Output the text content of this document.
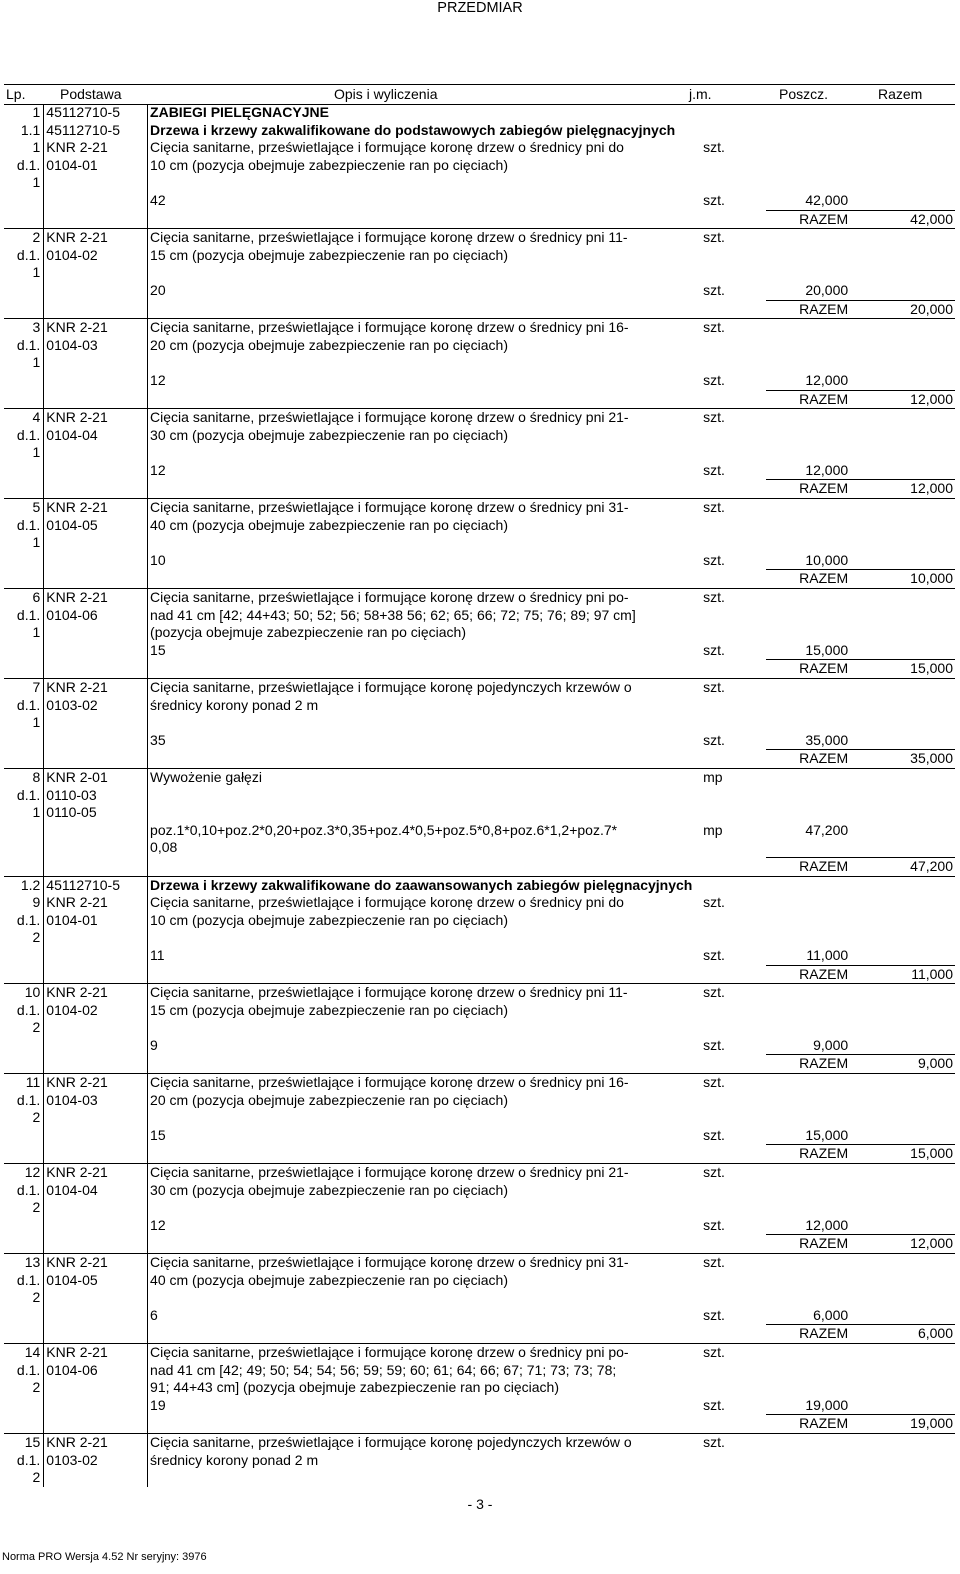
PRZEDMIAR
Lp. Podstawa	Opis i wyliczenia	j.m.	Poszcz.	Razem
1	45112710-5	ZABIEGI PIELĘGNACYJNE			
1.1	45112710-5	Drzewa i krzewy zakwalifikowane do podstawowych zabiegów pielęgnacyjnych			
1	KNR 2-21	Cięcia sanitarne, prześwietlające i formujące koronę drzew o średnicy pni do	szt.		
d.1.	0104-01	10 cm (pozycja obejmuje zabezpieczenie ran po cięciach)			
1					
		42	szt.	42,000	
				RAZEM	42,000
2	KNR 2-21	Cięcia sanitarne, prześwietlające i formujące koronę drzew o średnicy pni 11-	szt.		
d.1.	0104-02	15 cm (pozycja obejmuje zabezpieczenie ran po cięciach)			
1					
		20	szt.	20,000	
				RAZEM	20,000
3	KNR 2-21	Cięcia sanitarne, prześwietlające i formujące koronę drzew o średnicy pni 16-	szt.		
d.1.	0104-03	20 cm (pozycja obejmuje zabezpieczenie ran po cięciach)			
1					
		12	szt.	12,000	
				RAZEM	12,000
4	KNR 2-21	Cięcia sanitarne, prześwietlające i formujące koronę drzew o średnicy pni 21-	szt.		
d.1.	0104-04	30 cm (pozycja obejmuje zabezpieczenie ran po cięciach)			
1					
		12	szt.	12,000	
				RAZEM	12,000
5	KNR 2-21	Cięcia sanitarne, prześwietlające i formujące koronę drzew o średnicy pni 31-	szt.		
d.1.	0104-05	40 cm (pozycja obejmuje zabezpieczenie ran po cięciach)			
1					
		10	szt.	10,000	
				RAZEM	10,000
6	KNR 2-21	Cięcia sanitarne, prześwietlające i formujące koronę drzew o średnicy pni po-	szt.		
d.1.	0104-06	nad 41 cm [42; 44+43; 50; 52; 56; 58+38 56; 62; 65; 66; 72; 75; 76; 89; 97 cm]			
1		(pozycja obejmuje zabezpieczenie ran po cięciach)			
		15	szt.	15,000	
				RAZEM	15,000
7	KNR 2-21	Cięcia sanitarne, prześwietlające i formujące koronę pojedynczych krzewów o	szt.		
d.1.	0103-02	średnicy korony ponad 2 m			
1					
		35	szt.	35,000	
				RAZEM	35,000
8	KNR 2-01	Wywożenie gałęzi	mp		
d.1.	0110-03				
1	0110-05				
		poz.1*0,10+poz.2*0,20+poz.3*0,35+poz.4*0,5+poz.5*0,8+poz.6*1,2+poz.7*	mp	47,200	
		0,08			
				RAZEM	47,200
1.2	45112710-5	Drzewa i krzewy zakwalifikowane do zaawansowanych zabiegów pielęgnacyjnych			
9	KNR 2-21	Cięcia sanitarne, prześwietlające i formujące koronę drzew o średnicy pni do	szt.		
d.1.	0104-01	10 cm (pozycja obejmuje zabezpieczenie ran po cięciach)			
2					
		11	szt.	11,000	
				RAZEM	11,000
10	KNR 2-21	Cięcia sanitarne, prześwietlające i formujące koronę drzew o średnicy pni 11-	szt.		
d.1.	0104-02	15 cm (pozycja obejmuje zabezpieczenie ran po cięciach)			
2					
		9	szt.	9,000	
				RAZEM	9,000
11	KNR 2-21	Cięcia sanitarne, prześwietlające i formujące koronę drzew o średnicy pni 16-	szt.		
d.1.	0104-03	20 cm (pozycja obejmuje zabezpieczenie ran po cięciach)			
2					
		15	szt.	15,000	
				RAZEM	15,000
12	KNR 2-21	Cięcia sanitarne, prześwietlające i formujące koronę drzew o średnicy pni 21-	szt.		
d.1.	0104-04	30 cm (pozycja obejmuje zabezpieczenie ran po cięciach)			
2					
		12	szt.	12,000	
				RAZEM	12,000
13	KNR 2-21	Cięcia sanitarne, prześwietlające i formujące koronę drzew o średnicy pni 31-	szt.		
d.1.	0104-05	40 cm (pozycja obejmuje zabezpieczenie ran po cięciach)			
2					
		6	szt.	6,000	
				RAZEM	6,000
14	KNR 2-21	Cięcia sanitarne, prześwietlające i formujące koronę drzew o średnicy pni po-	szt.		
d.1.	0104-06	nad 41 cm [42; 49; 50; 54; 54; 56; 59; 59; 60; 61; 64; 66; 67; 71; 73; 73; 78;			
2		91; 44+43 cm] (pozycja obejmuje zabezpieczenie ran po cięciach)			
		19	szt.	19,000	
				RAZEM	19,000
15	KNR 2-21	Cięcia sanitarne, prześwietlające i formujące koronę pojedynczych krzewów o	szt.		
d.1.	0103-02	średnicy korony ponad 2 m			
2					
- 3 -
Norma PRO Wersja 4.52 Nr seryjny: 3976
